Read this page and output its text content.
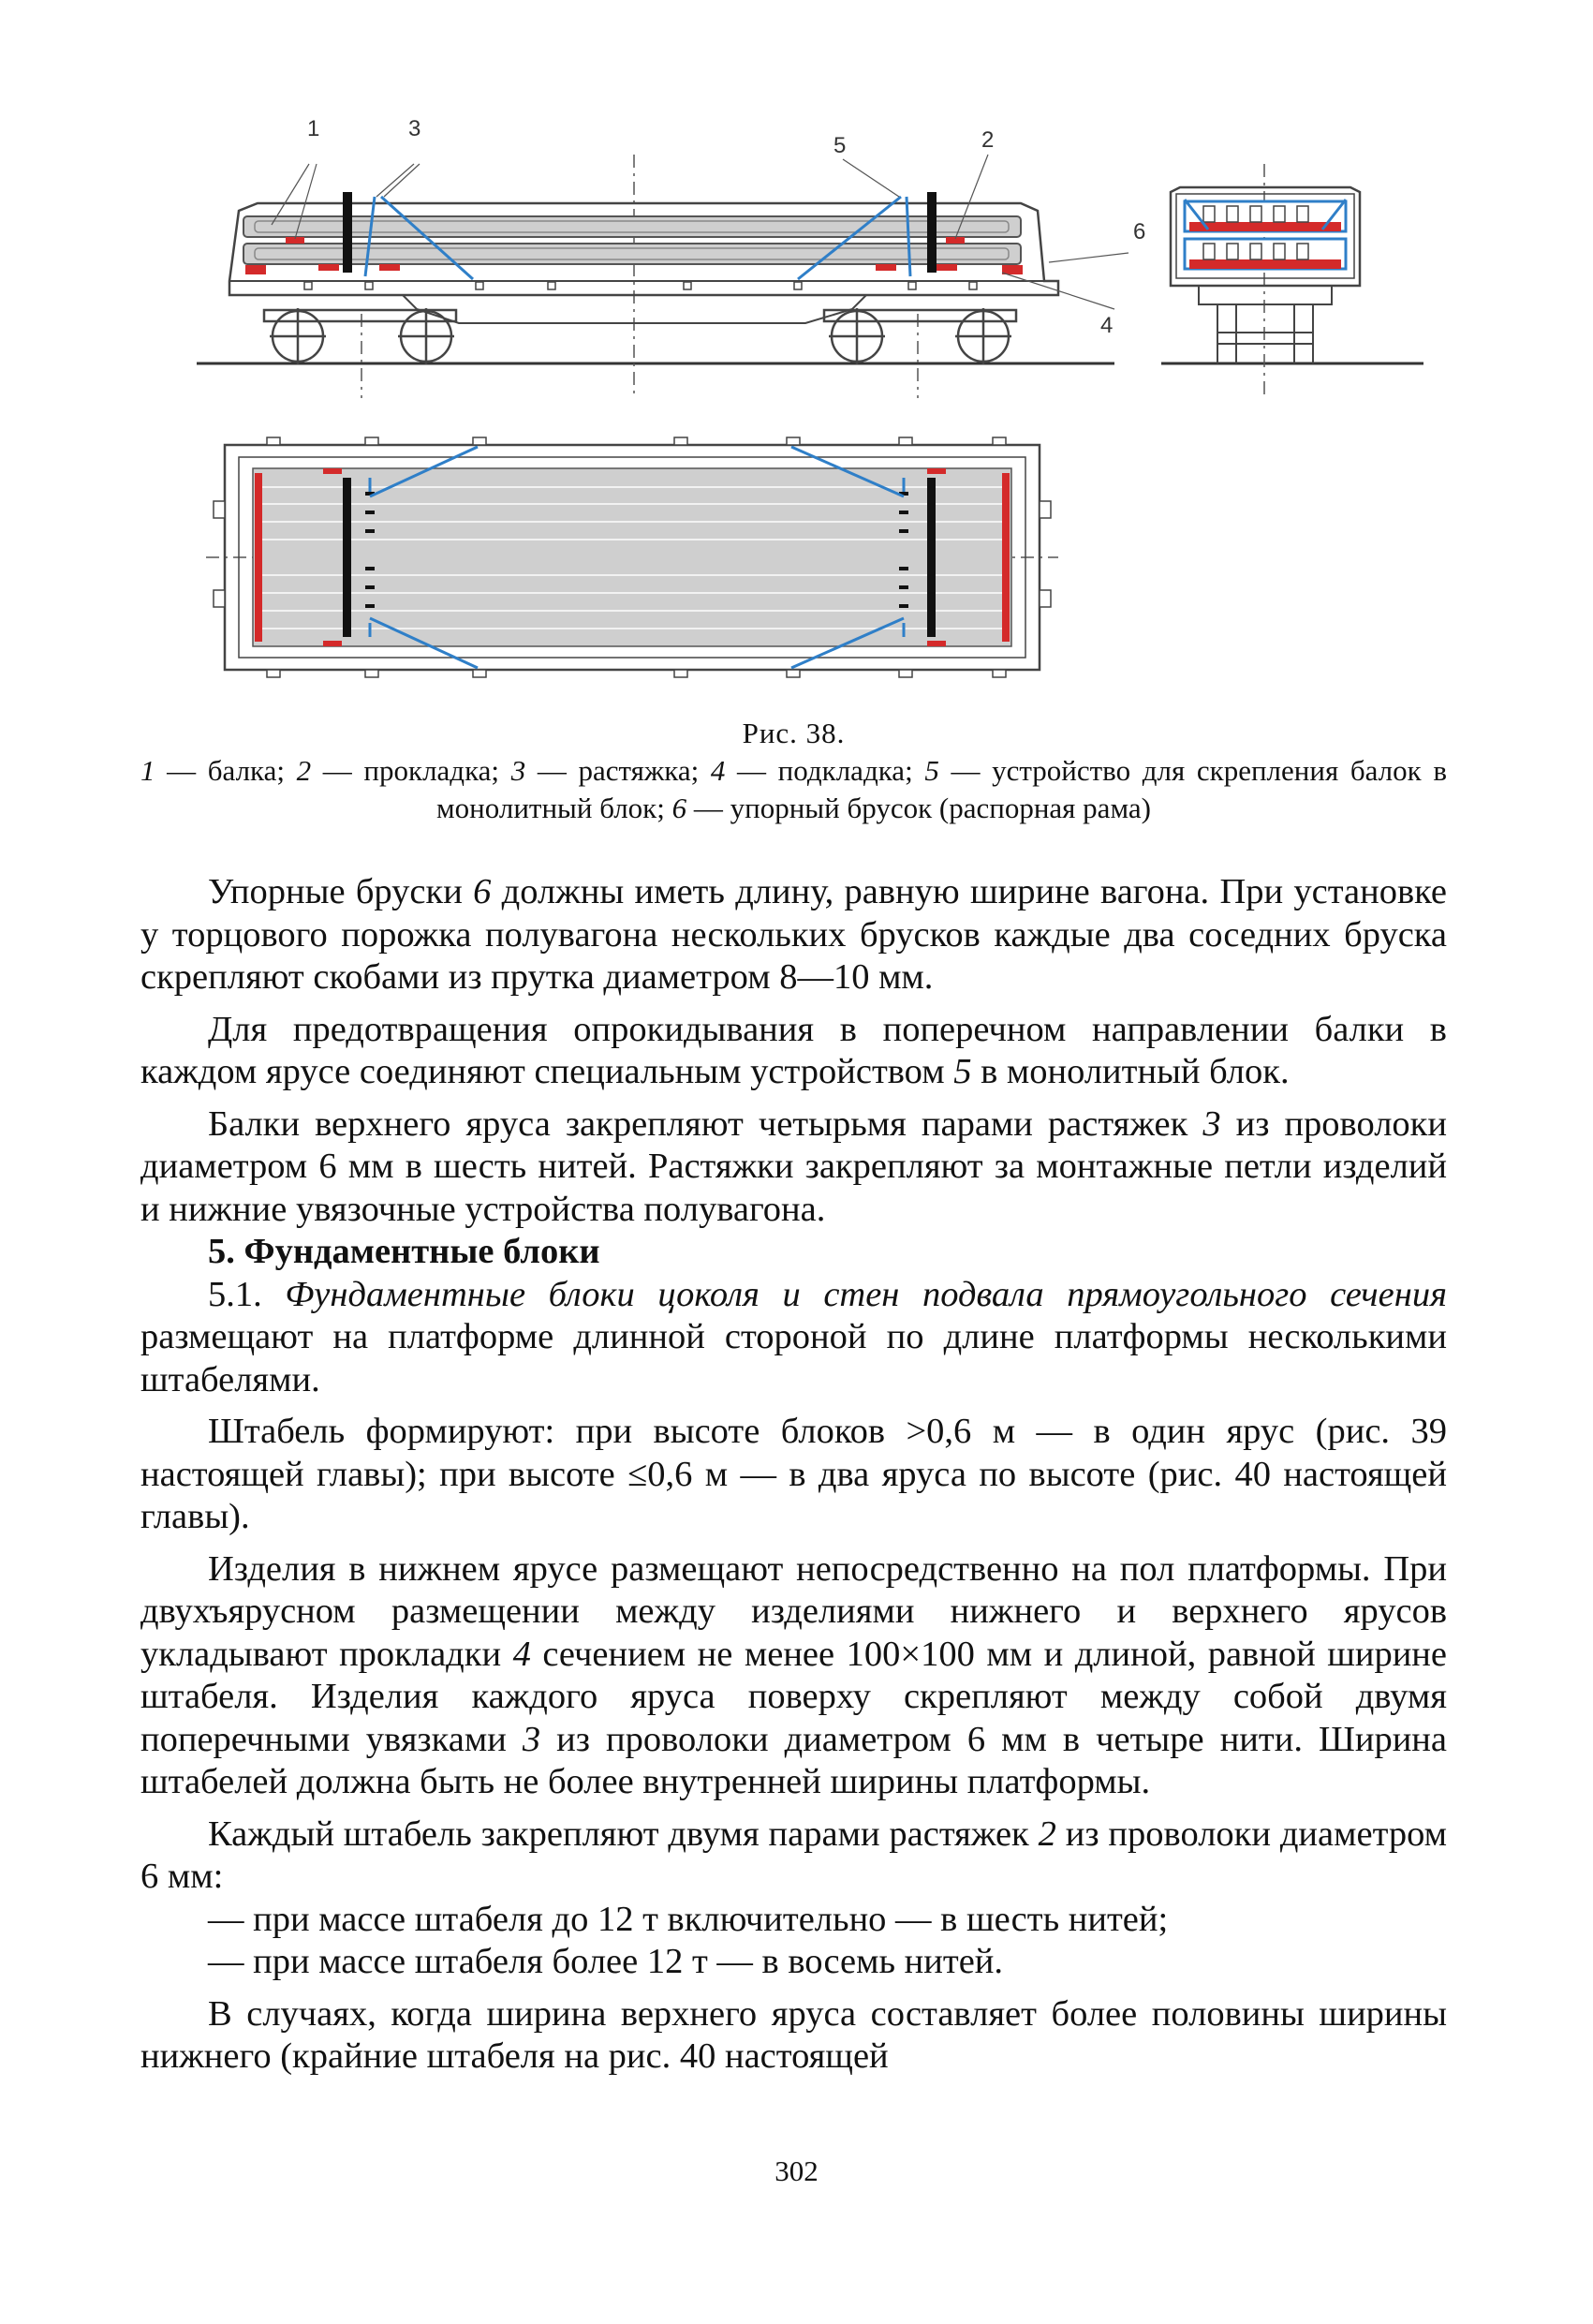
1	3
5	2
6
4
Рис. 38.
1 — балка; 2 — прокладка; 3 — растяжка; 4 — подкладка; 5 — устройство для скрепления балок в монолитный блок; 6 — упорный брусок (распорная рама)

Упорные бруски 6 должны иметь длину, равную ширине вагона. При установке у торцового порожка полувагона нескольких брусков каждые два соседних бруска скрепляют скобами из прутка диаметром 8—10 мм.

Для предотвращения опрокидывания в поперечном направлении балки в каждом ярусе соединяют специальным устройством 5 в монолитный блок.

Балки верхнего яруса закрепляют четырьмя парами растяжек 3 из проволоки диаметром 6 мм в шесть нитей. Растяжки закрепляют за монтажные петли изделий и нижние увязочные устройства полувагона.

5. Фундаментные блоки

5.1. Фундаментные блоки цоколя и стен подвала прямоугольного сечения размещают на платформе длинной стороной по длине платформы несколькими штабелями.

Штабель формируют: при высоте блоков >0,6 м — в один ярус (рис. 39 настоящей главы); при высоте ≤0,6 м — в два яруса по высоте (рис. 40 настоящей главы).

Изделия в нижнем ярусе размещают непосредственно на пол платформы. При двухъярусном размещении между изделиями нижнего и верхнего ярусов укладывают прокладки 4 сечением не менее 100×100 мм и длиной, равной ширине штабеля. Изделия каждого яруса поверху скрепляют между собой двумя поперечными увязками 3 из проволоки диаметром 6 мм в четыре нити. Ширина штабелей должна быть не более внутренней ширины платформы.

Каждый штабель закрепляют двумя парами растяжек 2 из проволоки диаметром 6 мм:

— при массе штабеля до 12 т включительно — в шесть нитей;

— при массе штабеля более 12 т — в восемь нитей.

В случаях, когда ширина верхнего яруса составляет более половины ширины нижнего (крайние штабеля на рис. 40 настоящей

302
